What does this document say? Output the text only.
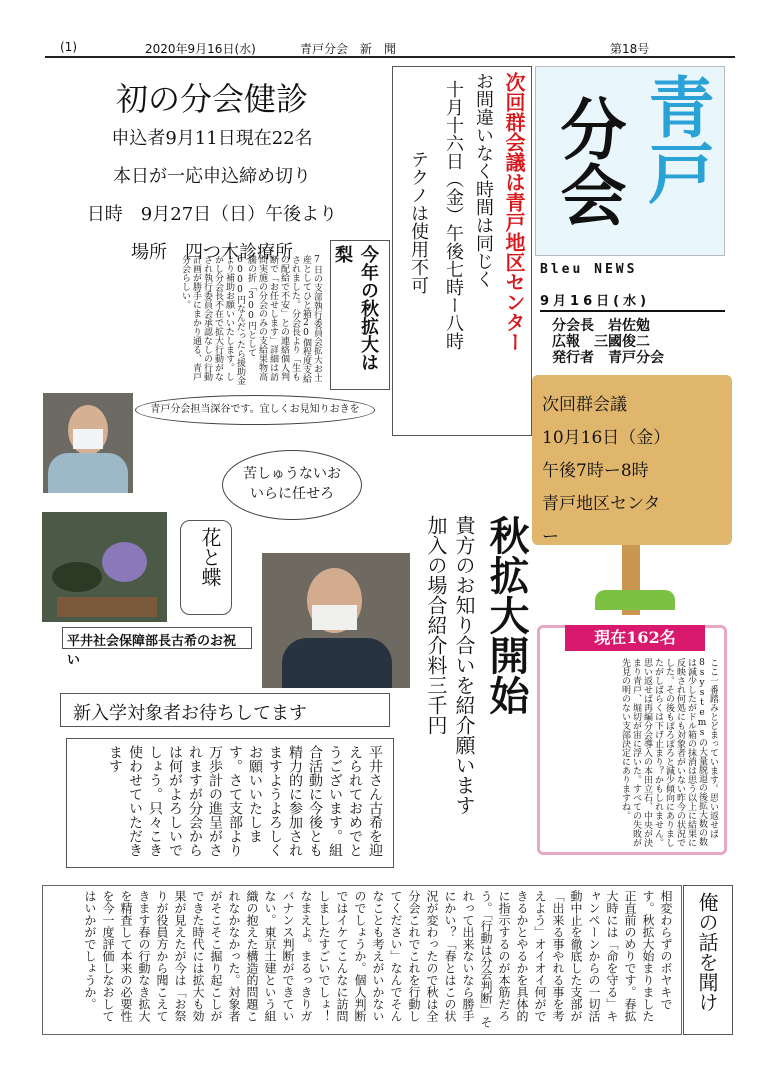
(1)	2020年9月16日(水)	青戸分会　新　聞	第18号
初の分会健診
申込者9月11日現在22名
本日が一応申込締め切り
日時　9月27日（日）午後より
場所　四つ木診療所	次回群会議は青戸地区センター
お間違いなく時間は同じく
十月十六日（金）午後七時ー八時
テクノは使用不可
青戸
分会
Bleu NEWS
9月16日(水)
分会長　岩佐勉
広報　三國俊二
発行者　青戸分会
7日の支部執行委員会拡大お土産としてひと箱20個程度支給されました。分会長より「生もの配給で不安」との連絡個人判断で「お任せします」詳細は訪問実施の分会のみの支給果物高騰の折「300円として6000円なんだったら援助金より補助お願いいたします。しかし分会長不在で拡大行動がなされ執行委員会承認なしの行動計画が勝手にまかり通る、青戸分会らしい。	今年の秋拡大は梨
青戸分会担当深谷です。宜しくお見知りおきを
花と蝶
苦しゅうないおいらに任せろ
平井社会保障部長古希のお祝い
新入学対象者お待ちしてます
平井さん古希を迎えられておめでとうございます。組合活動に今後とも精力的に参加されますようよろしくお願いいたします。さて支部より万歩計の進呈がされますが分会からは何がよろしいでしょう。只々こき使わせていただきます
次回群会議
10月16日（金）
午後7時ー8時
青戸地区センタ
ー
秋拡大開始
貴方のお知り合いを紹介願います
加入の場合紹介料三千円	現在162名
ここ一番踏みとどまっています。思い返せば8systemsの大量脱退の後拡大数の数は減少したがドル箱の抹消は思う以上に結果に反映され何処にも対象者がいない昨今の状況でした。その後もぽろぽろと減少傾向にありましたがしばらくは下げ止まり？かもしれません。思い返せば再編分会導入の本田立石、中央が決まり青戸、堀切が宙に浮いた。すべての失敗が先見の明のない支部決定にありますね。
相変わらずのボヤキです。秋拡大始まりました正直前のめりです。春拡大時には「命を守る」キャンペーンからの一切活動中止を徹底した支部が「出来る事やれる事を考えよう」オイオイ何ができるかとやるかを具体的に指示するのが本筋だろう。「行動は分会判断」それって出来ないなら勝手にかい？「春とはこの状況が変わったので秋は全分会これでこれを行動してください」なんでそんなことも考えがいかないのでしょうか。個人判断ではイケてこんなに訪問しましたすごいでしょ！なまえよ。まるっきりガバナンス判断ができていない。東京土建という組織の抱えた構造的問題これなかなかった。対象者がそこそこ掘り起こしができた時代には拡大も効果が見えたが今は「お祭りが役員方から聞こえてきます春の行動なき拡大を精査して本来の必要性を今一度評価しなおしてはいかがでしょうか。	俺の話を聞け
